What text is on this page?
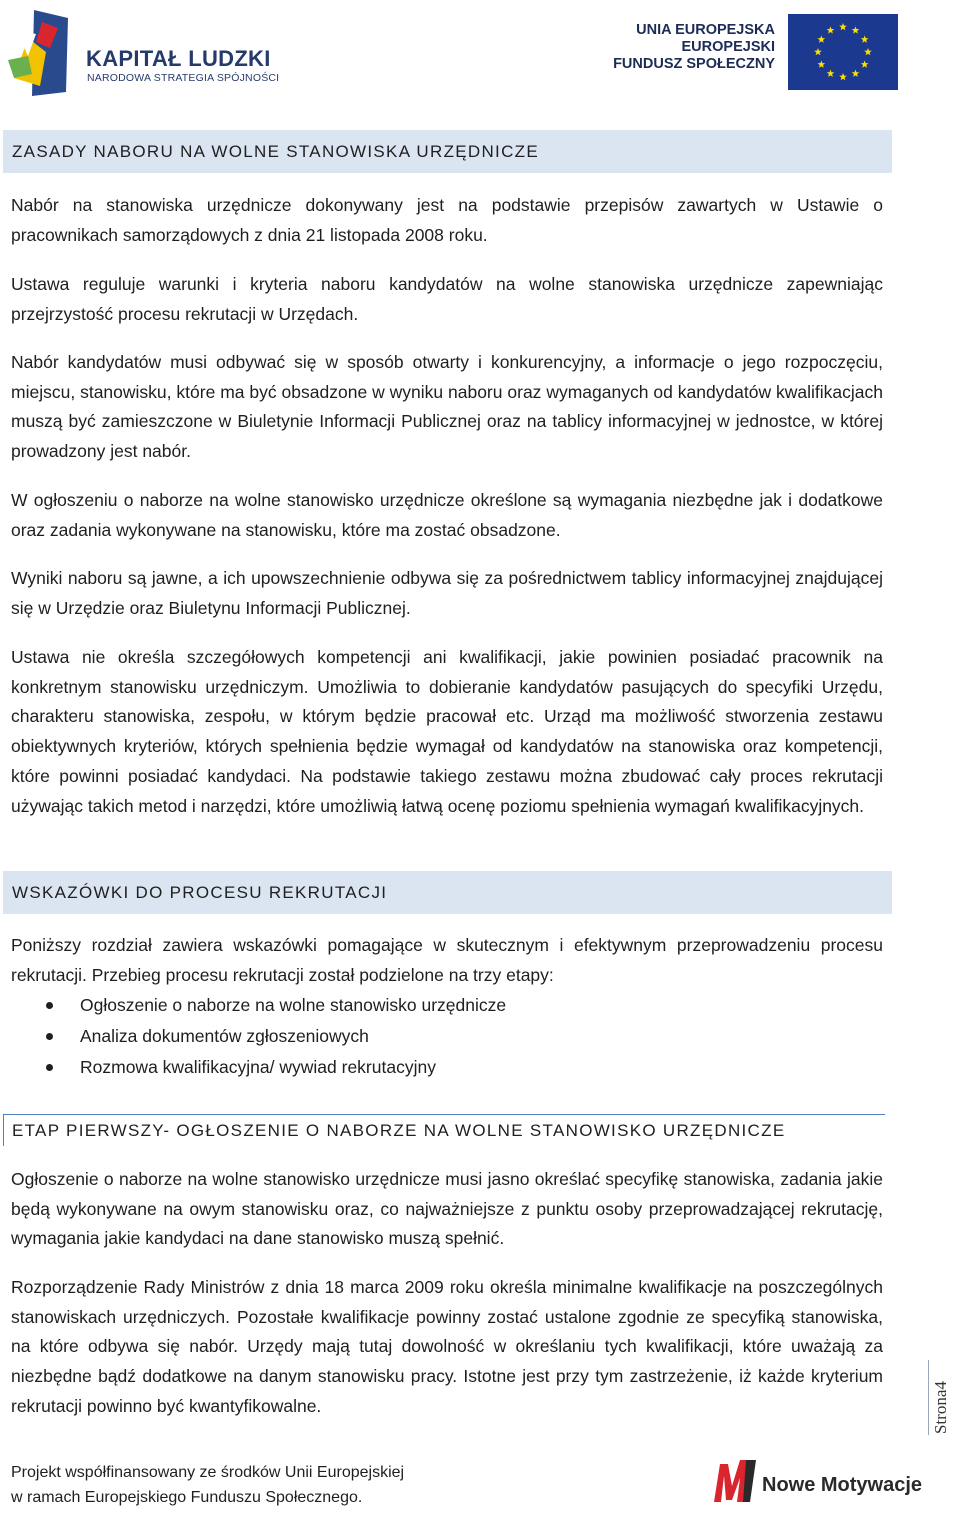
KAPITAŁ LUDZKI
NARODOWA STRATEGIA SPÓJNOŚCI
UNIA EUROPEJSKA
EUROPEJSKI
FUNDUSZ SPOŁECZNY
ZASADY NABORU NA WOLNE STANOWISKA URZĘDNICZE

Nabór na stanowiska urzędnicze dokonywany jest na podstawie przepisów zawartych w Ustawie o pracownikach samorządowych z dnia 21 listopada 2008 roku.

Ustawa reguluje warunki i kryteria naboru kandydatów na wolne stanowiska urzędnicze zapewniając przejrzystość procesu rekrutacji w Urzędach.

Nabór kandydatów musi odbywać się w sposób otwarty i konkurencyjny, a informacje o jego rozpoczęciu, miejscu, stanowisku, które ma być obsadzone w wyniku naboru oraz wymaganych od kandydatów kwalifikacjach muszą być zamieszczone w Biuletynie Informacji Publicznej oraz na tablicy informacyjnej w jednostce, w której prowadzony jest nabór.

W ogłoszeniu o naborze na wolne stanowisko urzędnicze określone są wymagania niezbędne jak i dodatkowe oraz zadania wykonywane na stanowisku, które ma zostać obsadzone.

Wyniki naboru są jawne, a ich upowszechnienie odbywa się za pośrednictwem tablicy informacyjnej znajdującej się w Urzędzie oraz Biuletynu Informacji Publicznej.

Ustawa nie określa szczegółowych kompetencji ani kwalifikacji, jakie powinien posiadać pracownik na konkretnym stanowisku urzędniczym. Umożliwia to dobieranie kandydatów pasujących do specyfiki Urzędu, charakteru stanowiska, zespołu, w którym będzie pracował etc. Urząd ma możliwość stworzenia zestawu obiektywnych kryteriów, których spełnienia będzie wymagał od kandydatów na stanowiska oraz kompetencji, które powinni posiadać kandydaci. Na podstawie takiego zestawu można zbudować cały proces rekrutacji używając takich metod i narzędzi, które umożliwią łatwą ocenę poziomu spełnienia wymagań kwalifikacyjnych.

WSKAZÓWKI DO PROCESU REKRUTACJI

Poniższy rozdział zawiera wskazówki pomagające w skutecznym i efektywnym przeprowadzeniu procesu rekrutacji. Przebieg procesu rekrutacji został podzielone na trzy etapy:

Ogłoszenie o naborze na wolne stanowisko urzędnicze
Analiza dokumentów zgłoszeniowych
Rozmowa kwalifikacyjna/ wywiad rekrutacyjny
ETAP PIERWSZY- OGŁOSZENIE O NABORZE NA WOLNE STANOWISKO URZĘDNICZE

Ogłoszenie o naborze na wolne stanowisko urzędnicze musi jasno określać specyfikę stanowiska, zadania jakie będą wykonywane na owym stanowisku oraz, co najważniejsze z punktu osoby przeprowadzającej rekrutację, wymagania jakie kandydaci na dane stanowisko muszą spełnić.

Rozporządzenie Rady Ministrów z dnia 18 marca 2009 roku określa minimalne kwalifikacje na poszczególnych stanowiskach urzędniczych. Pozostałe kwalifikacje powinny zostać ustalone zgodnie ze specyfiką stanowiska, na które odbywa się nabór. Urzędy mają tutaj dowolność w określaniu tych kwalifikacji, które uważają za niezbędne bądź dodatkowe na danym stanowisku pracy. Istotne jest przy tym zastrzeżenie, iż każde kryterium rekrutacji powinno być kwantyfikowalne.	Strona4
Projekt współfinansowany ze środków Unii Europejskiej
w ramach Europejskiego Funduszu Społecznego.
Nowe Motywacje
